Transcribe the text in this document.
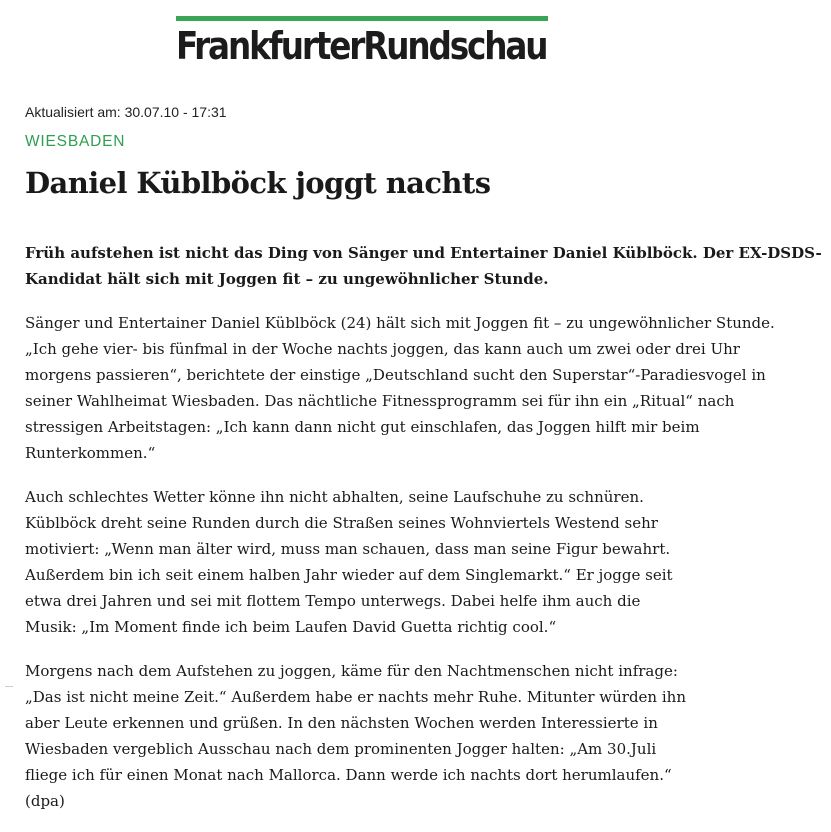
FrankfurterRundschau
Aktualisiert am: 30.07.10 - 17:31
WIESBADEN
Daniel Küblböck joggt nachts

Früh aufstehen ist nicht das Ding von Sänger und Entertainer Daniel Küblböck. Der EX-DSDS-
Kandidat hält sich mit Joggen fit – zu ungewöhnlicher Stunde.

Sänger und Entertainer Daniel Küblböck (24) hält sich mit Joggen fit – zu ungewöhnlicher Stunde.
„Ich gehe vier- bis fünfmal in der Woche nachts joggen, das kann auch um zwei oder drei Uhr
morgens passieren“, berichtete der einstige „Deutschland sucht den Superstar“-Paradiesvogel in
seiner Wahlheimat Wiesbaden. Das nächtliche Fitnessprogramm sei für ihn ein „Ritual“ nach
stressigen Arbeitstagen: „Ich kann dann nicht gut einschlafen, das Joggen hilft mir beim
Runterkommen.“

Auch schlechtes Wetter könne ihn nicht abhalten, seine Laufschuhe zu schnüren.
Küblböck dreht seine Runden durch die Straßen seines Wohnviertels Westend sehr
motiviert: „Wenn man älter wird, muss man schauen, dass man seine Figur bewahrt.
Außerdem bin ich seit einem halben Jahr wieder auf dem Singlemarkt.“ Er jogge seit
etwa drei Jahren und sei mit flottem Tempo unterwegs. Dabei helfe ihm auch die
Musik: „Im Moment finde ich beim Laufen David Guetta richtig cool.“

Morgens nach dem Aufstehen zu joggen, käme für den Nachtmenschen nicht infrage:
„Das ist nicht meine Zeit.“ Außerdem habe er nachts mehr Ruhe. Mitunter würden ihn
aber Leute erkennen und grüßen. In den nächsten Wochen werden Interessierte in
Wiesbaden vergeblich Ausschau nach dem prominenten Jogger halten: „Am 30.Juli
fliege ich für einen Monat nach Mallorca. Dann werde ich nachts dort herumlaufen.“
(dpa)
